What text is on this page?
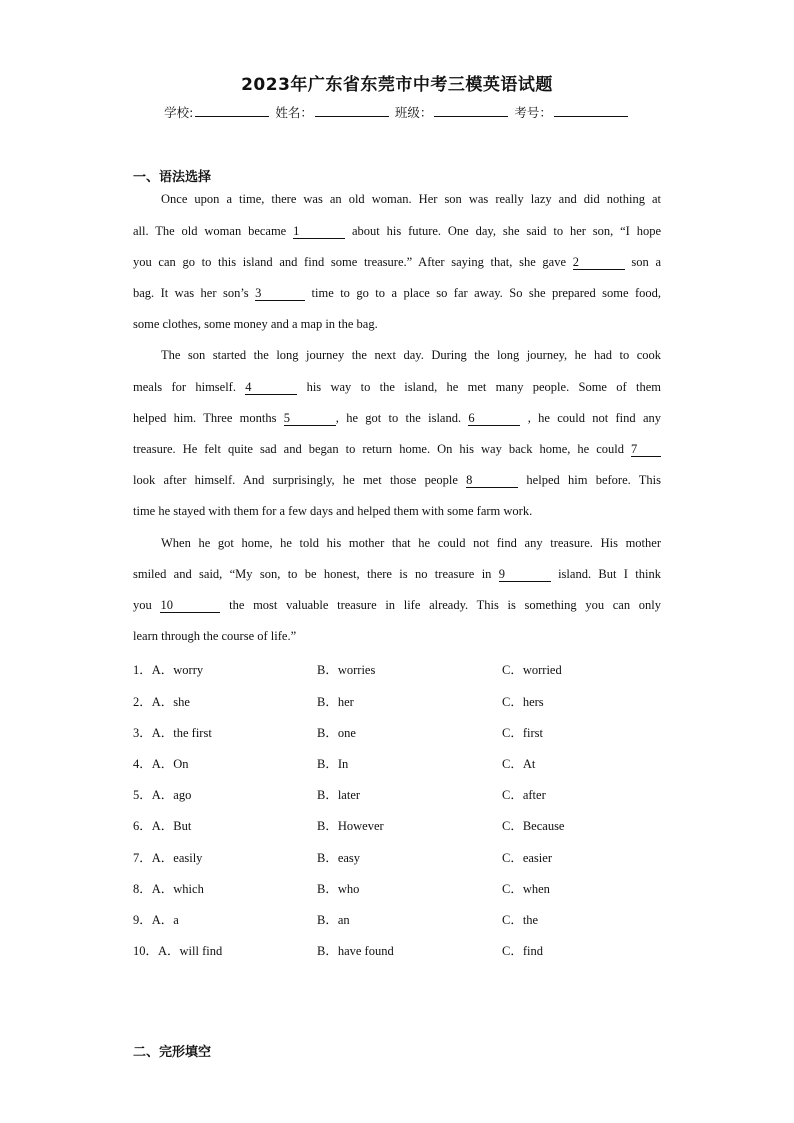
2023年广东省东莞市中考三模英语试题
学校:	姓名：	班级：	考号：
一、语法选择
Once upon a time, there was an old woman. Her son was really lazy and did nothing at
all. The old woman became 1	about his future. One day, she said to her son, “I hope
you can go to this island and find some treasure.” After saying that, she gave 2	son a
bag. It was her son’s 3	time to go to a place so far away. So she prepared some food,
some clothes, some money and a map in the bag.
The son started the long journey the next day. During the long journey, he had to cook
meals for himself. 4	his way to the island, he met many people. Some of them
helped him. Three months 5	, he got to the island. 6	, he could not find any
treasure. He felt quite sad and began to return home. On his way back home, he could 7
look after himself. And surprisingly, he met those people 8	helped him before. This
time he stayed with them for a few days and helped them with some farm work.
When he got home, he told his mother that he could not find any treasure. His mother
smiled and said, “My son, to be honest, there is no treasure in 9	island. But I think
you 10	the most valuable treasure in life already. This is something you can only
learn through the course of life.”
1．A．worry	B．worries	C．worried
2．A．she	B．her	C．hers
3．A．the first	B．one	C．first
4．A．On	B．In	C．At
5．A．ago	B．later	C．after
6．A．But	B．However	C．Because
7．A．easily	B．easy	C．easier
8．A．which	B．who	C．when
9．A．a	B．an	C．the
10．A．will find	B．have found	C．find
二、完形填空
